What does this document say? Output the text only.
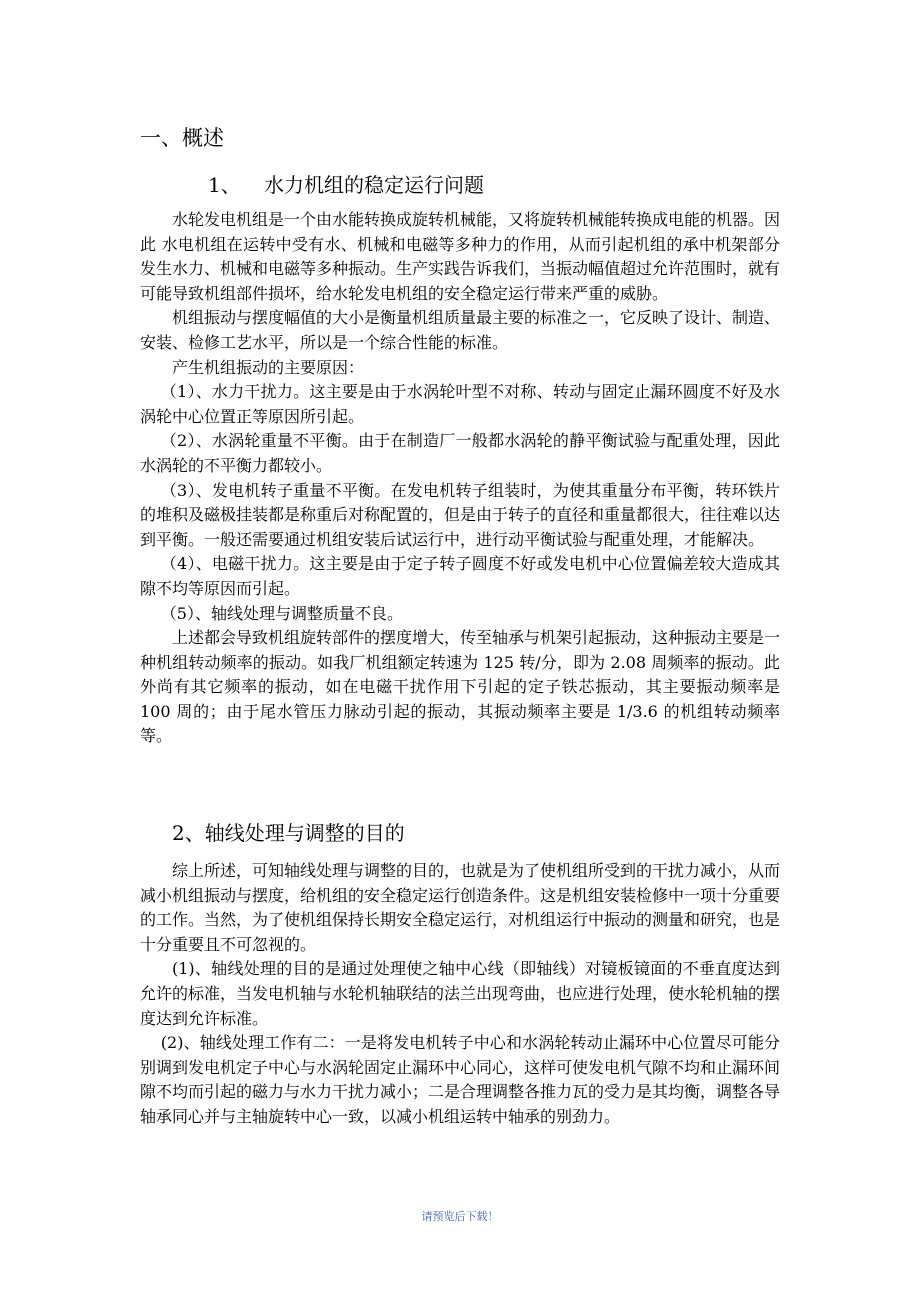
一、概述
1、 水力机组的稳定运行问题

水轮发电机组是一个由水能转换成旋转机械能，又将旋转机械能转换成电能的机器。因此 水电机组在运转中受有水、机械和电磁等多种力的作用，从而引起机组的承中机架部分发生水力、机械和电磁等多种振动。生产实践告诉我们，当振动幅值超过允许范围时，就有可能导致机组部件损坏，给水轮发电机组的安全稳定运行带来严重的威胁。

机组振动与摆度幅值的大小是衡量机组质量最主要的标准之一，它反映了设计、制造、安装、检修工艺水平，所以是一个综合性能的标准。

产生机组振动的主要原因：

（1）、水力干扰力。这主要是由于水涡轮叶型不对称、转动与固定止漏环圆度不好及水涡轮中心位置正等原因所引起。

（2）、水涡轮重量不平衡。由于在制造厂一般都水涡轮的静平衡试验与配重处理，因此水涡轮的不平衡力都较小。

（3）、发电机转子重量不平衡。在发电机转子组装时，为使其重量分布平衡，转环铁片的堆积及磁极挂装都是称重后对称配置的，但是由于转子的直径和重量都很大，往往难以达到平衡。一般还需要通过机组安装后试运行中，进行动平衡试验与配重处理，才能解决。

（4）、电磁干扰力。这主要是由于定子转子圆度不好或发电机中心位置偏差较大造成其隙不均等原因而引起。

（5）、轴线处理与调整质量不良。

上述都会导致机组旋转部件的摆度增大，传至轴承与机架引起振动，这种振动主要是一种机组转动频率的振动。如我厂机组额定转速为 125 转/分，即为 2.08 周频率的振动。此外尚有其它频率的振动，如在电磁干扰作用下引起的定子铁芯振动，其主要振动频率是 100 周的；由于尾水管压力脉动引起的振动，其振动频率主要是 1/3.6 的机组转动频率等。

2、轴线处理与调整的目的

综上所述，可知轴线处理与调整的目的，也就是为了使机组所受到的干扰力减小，从而减小机组振动与摆度，给机组的安全稳定运行创造条件。这是机组安装检修中一项十分重要的工作。当然，为了使机组保持长期安全稳定运行，对机组运行中振动的测量和研究，也是十分重要且不可忽视的。

(1)、轴线处理的目的是通过处理使之轴中心线（即轴线）对镜板镜面的不垂直度达到允许的标准，当发电机轴与水轮机轴联结的法兰出现弯曲，也应进行处理，使水轮机轴的摆度达到允许标准。

(2)、轴线处理工作有二：一是将发电机转子中心和水涡轮转动止漏环中心位置尽可能分别调到发电机定子中心与水涡轮固定止漏环中心同心，这样可使发电机气隙不均和止漏环间隙不均而引起的磁力与水力干扰力减小；二是合理调整各推力瓦的受力是其均衡，调整各导轴承同心并与主轴旋转中心一致，以减小机组运转中轴承的别劲力。

请预览后下载！
